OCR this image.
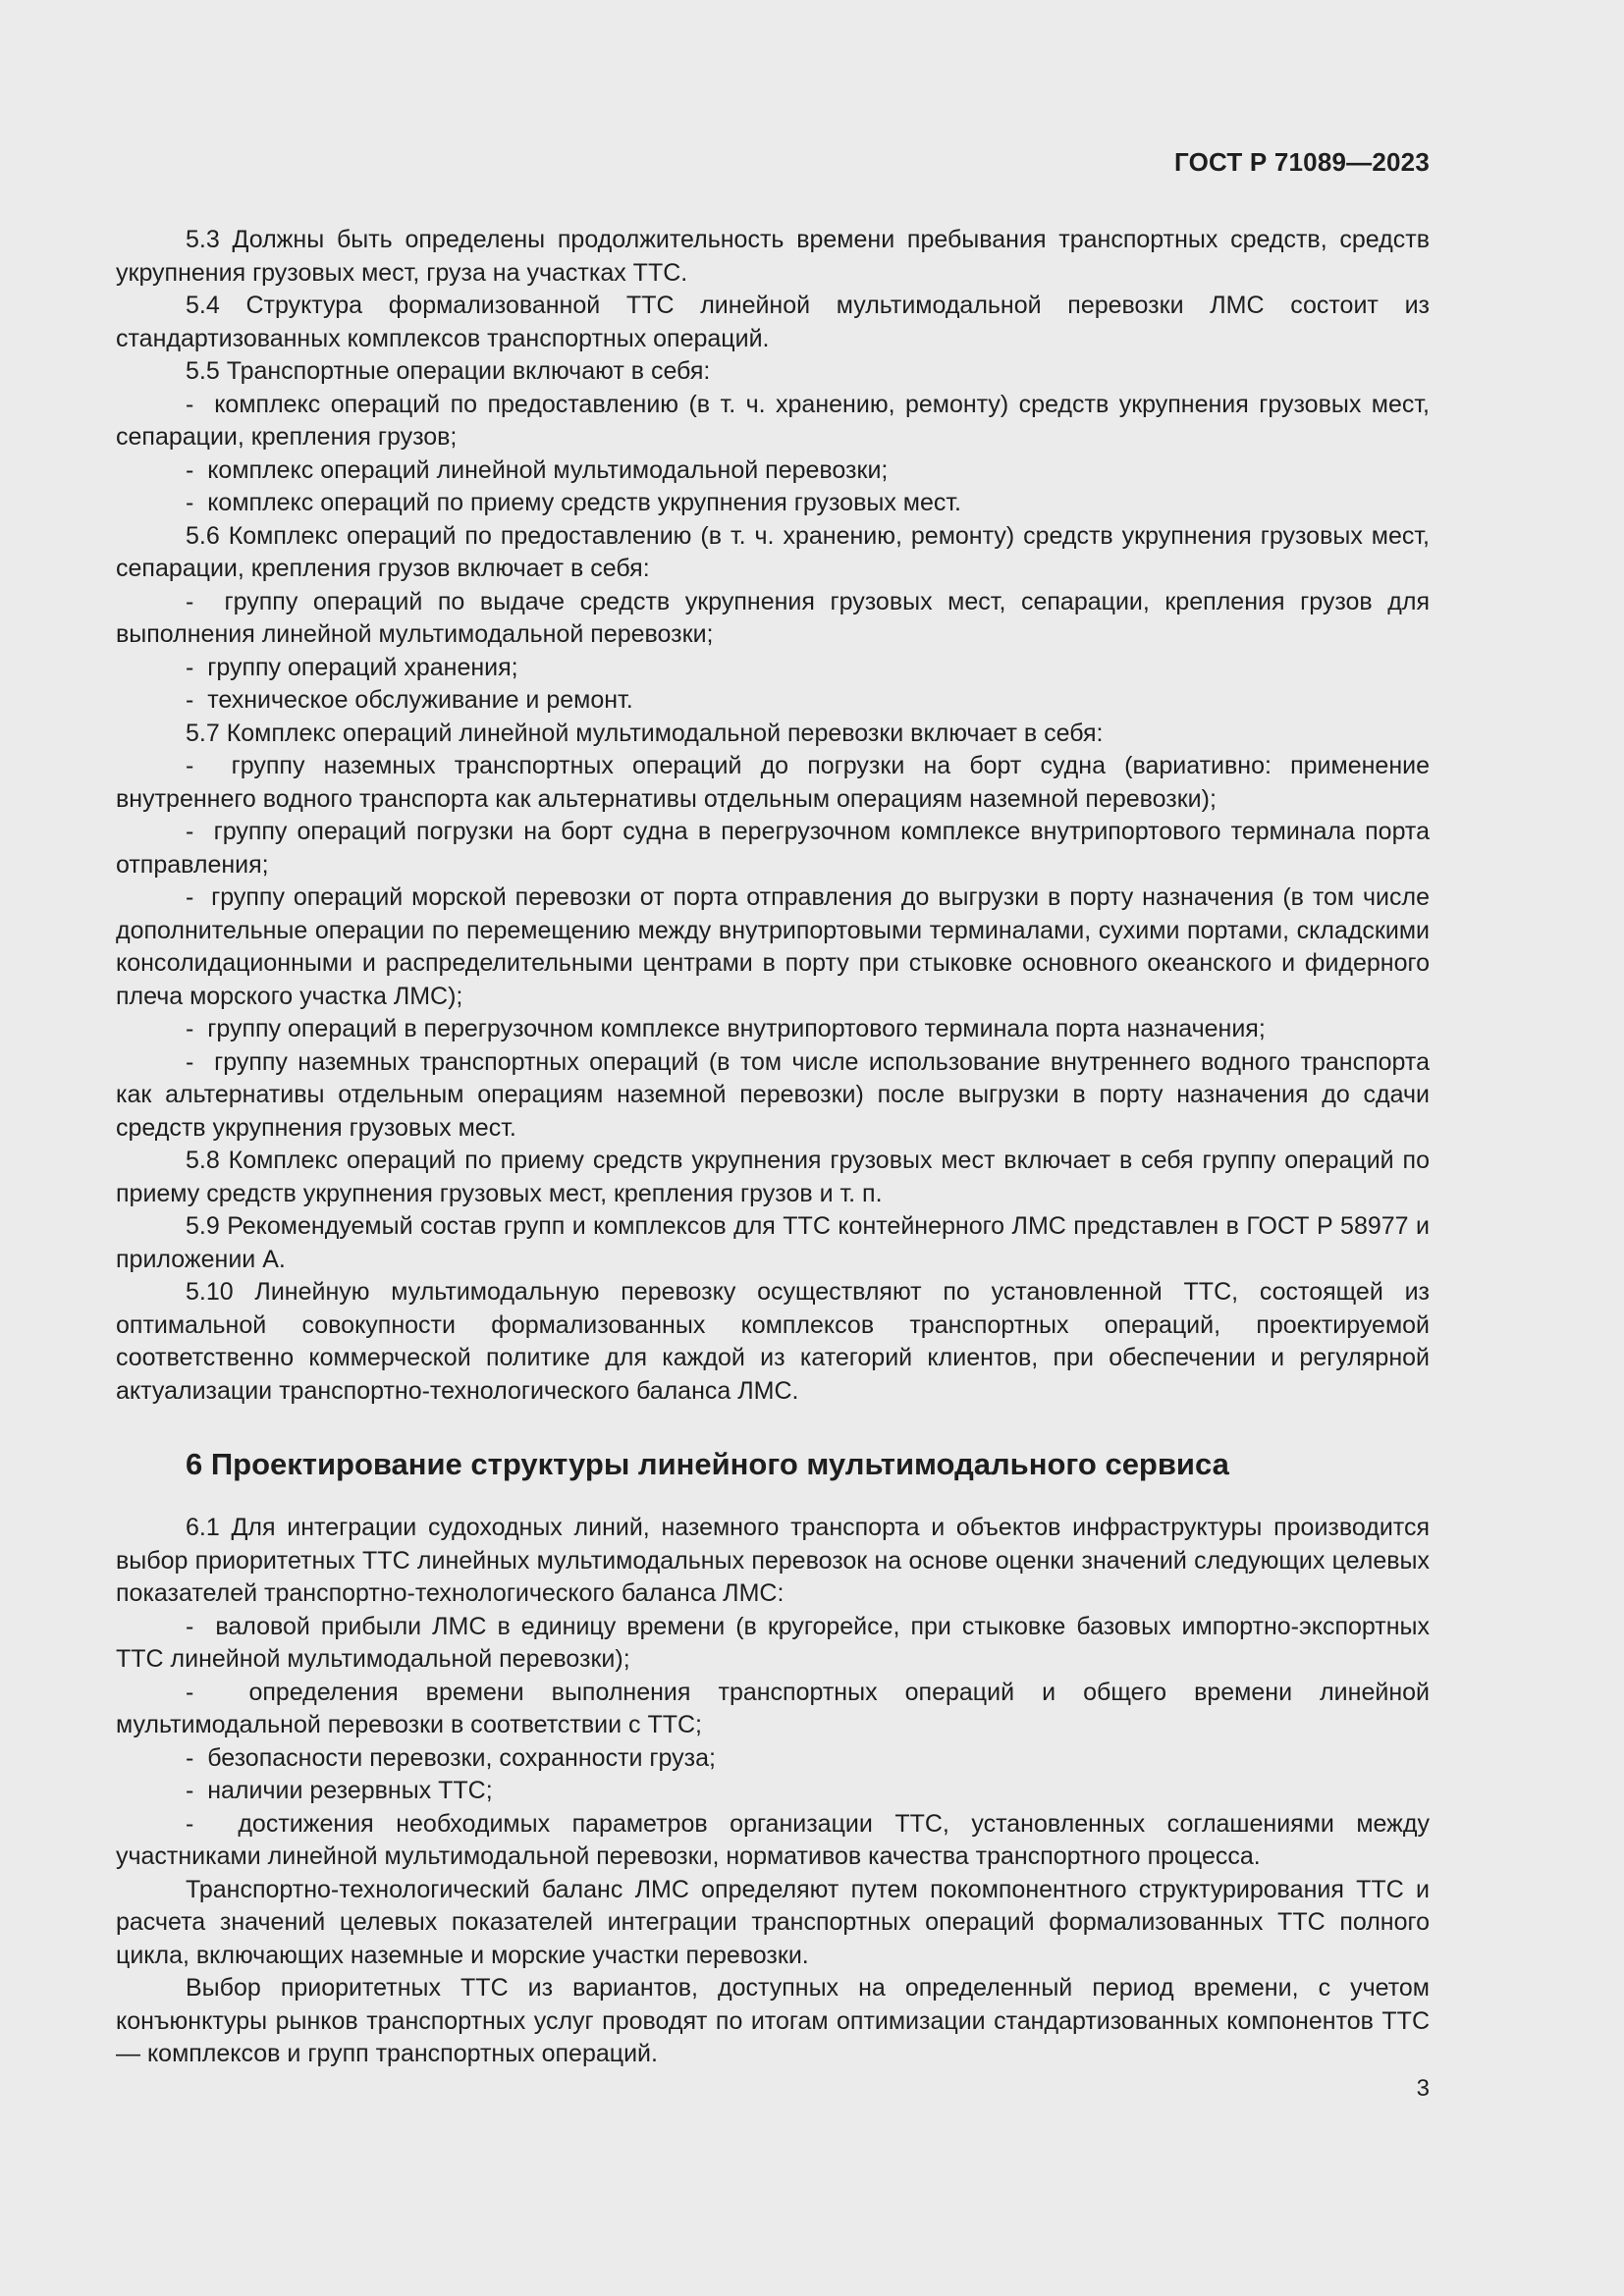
ГОСТ Р 71089—2023

5.3 Должны быть определены продолжительность времени пребывания транспортных средств, средств укрупнения грузовых мест, груза на участках ТТС.

5.4 Структура формализованной ТТС линейной мультимодальной перевозки ЛМС состоит из стандартизованных комплексов транспортных операций.

5.5 Транспортные операции включают в себя:

-  комплекс операций по предоставлению (в т. ч. хранению, ремонту) средств укрупнения грузовых мест, сепарации, крепления грузов;

-  комплекс операций линейной мультимодальной перевозки;

-  комплекс операций по приему средств укрупнения грузовых мест.

5.6 Комплекс операций по предоставлению (в т. ч. хранению, ремонту) средств укрупнения грузовых мест, сепарации, крепления грузов включает в себя:

-  группу операций по выдаче средств укрупнения грузовых мест, сепарации, крепления грузов для выполнения линейной мультимодальной перевозки;

-  группу операций хранения;

-  техническое обслуживание и ремонт.

5.7 Комплекс операций линейной мультимодальной перевозки включает в себя:

-  группу наземных транспортных операций до погрузки на борт судна (вариативно: применение внутреннего водного транспорта как альтернативы отдельным операциям наземной перевозки);

-  группу операций погрузки на борт судна в перегрузочном комплексе внутрипортового терминала порта отправления;

-  группу операций морской перевозки от порта отправления до выгрузки в порту назначения (в том числе дополнительные операции по перемещению между внутрипортовыми терминалами, сухими портами, складскими консолидационными и распределительными центрами в порту при стыковке основного океанского и фидерного плеча морского участка ЛМС);

-  группу операций в перегрузочном комплексе внутрипортового терминала порта назначения;

-  группу наземных транспортных операций (в том числе использование внутреннего водного транспорта как альтернативы отдельным операциям наземной перевозки) после выгрузки в порту назначения до сдачи средств укрупнения грузовых мест.

5.8 Комплекс операций по приему средств укрупнения грузовых мест включает в себя группу операций по приему средств укрупнения грузовых мест, крепления грузов и т. п.

5.9 Рекомендуемый состав групп и комплексов для ТТС контейнерного ЛМС представлен в ГОСТ Р 58977 и приложении А.

5.10 Линейную мультимодальную перевозку осуществляют по установленной ТТС, состоящей из оптимальной совокупности формализованных комплексов транспортных операций, проектируемой соответственно коммерческой политике для каждой из категорий клиентов, при обеспечении и регулярной актуализации транспортно-технологического баланса ЛМС.

6 Проектирование структуры линейного мультимодального сервиса

6.1 Для интеграции судоходных линий, наземного транспорта и объектов инфраструктуры производится выбор приоритетных ТТС линейных мультимодальных перевозок на основе оценки значений следующих целевых показателей транспортно-технологического баланса ЛМС:

-  валовой прибыли ЛМС в единицу времени (в кругорейсе, при стыковке базовых импортно-экспортных ТТС линейной мультимодальной перевозки);

-  определения времени выполнения транспортных операций и общего времени линейной мультимодальной перевозки в соответствии с ТТС;

-  безопасности перевозки, сохранности груза;

-  наличии резервных ТТС;

-  достижения необходимых параметров организации ТТС, установленных соглашениями между участниками линейной мультимодальной перевозки, нормативов качества транспортного процесса.

Транспортно-технологический баланс ЛМС определяют путем покомпонентного структурирования ТТС и расчета значений целевых показателей интеграции транспортных операций формализованных ТТС полного цикла, включающих наземные и морские участки перевозки.

Выбор приоритетных ТТС из вариантов, доступных на определенный период времени, с учетом конъюнктуры рынков транспортных услуг проводят по итогам оптимизации стандартизованных компонентов ТТС — комплексов и групп транспортных операций.

3
